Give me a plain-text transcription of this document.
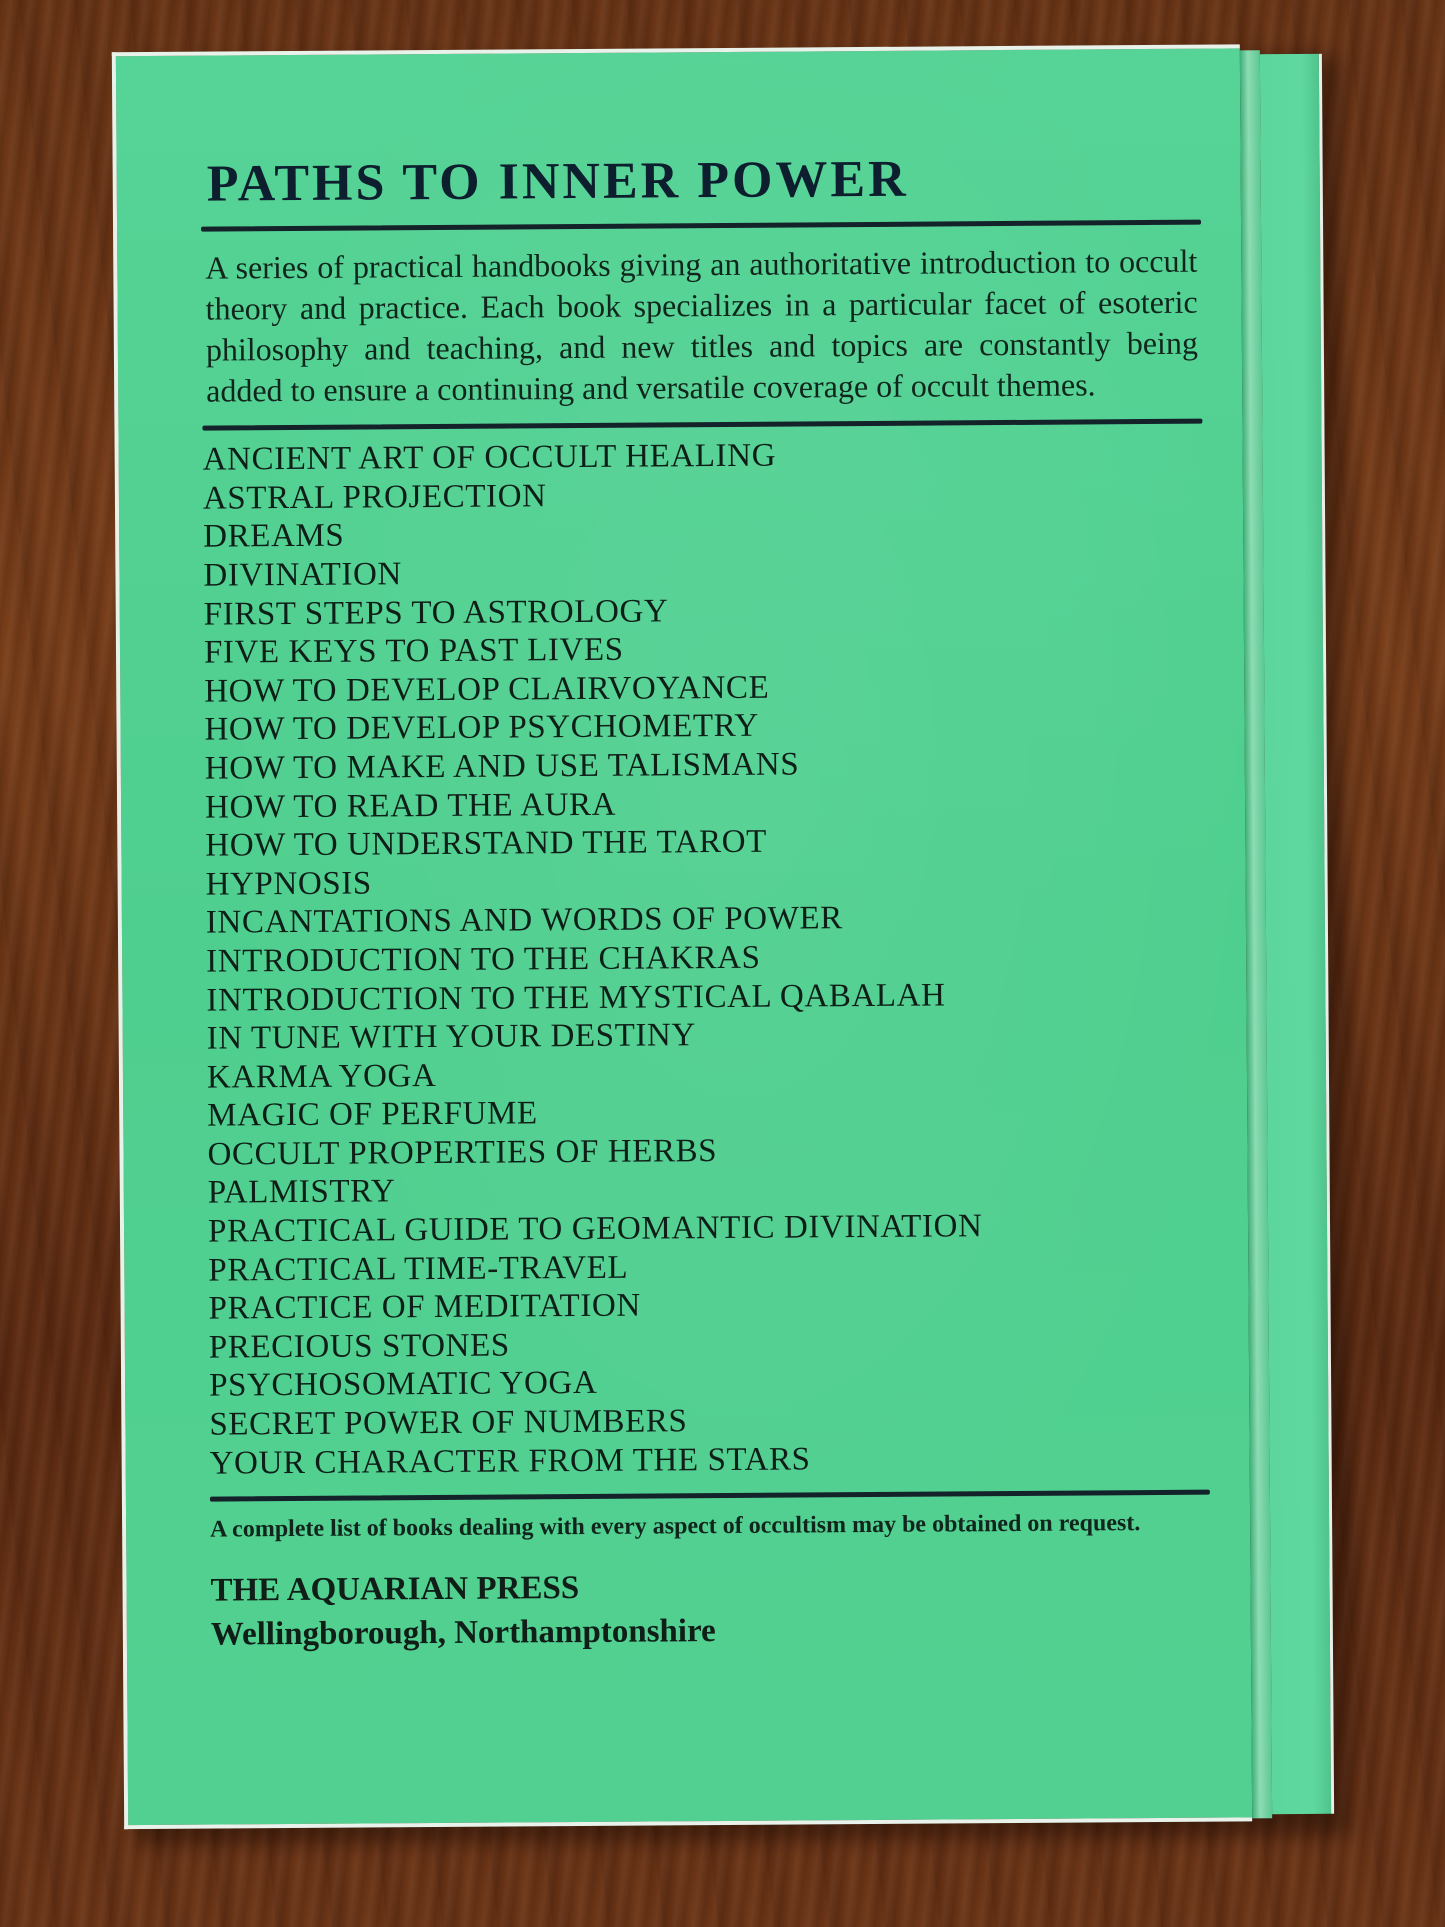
PATHS TO INNER POWER

A series of practical handbooks giving an authoritative introduction to occult theory and practice. Each book specializes in a particular facet of esoteric philosophy and teaching, and new titles and topics are constantly being added to ensure a continuing and versatile coverage of occult themes.

ANCIENT ART OF OCCULT HEALING
ASTRAL PROJECTION
DREAMS
DIVINATION
FIRST STEPS TO ASTROLOGY
FIVE KEYS TO PAST LIVES
HOW TO DEVELOP CLAIRVOYANCE
HOW TO DEVELOP PSYCHOMETRY
HOW TO MAKE AND USE TALISMANS
HOW TO READ THE AURA
HOW TO UNDERSTAND THE TAROT
HYPNOSIS
INCANTATIONS AND WORDS OF POWER
INTRODUCTION TO THE CHAKRAS
INTRODUCTION TO THE MYSTICAL QABALAH
IN TUNE WITH YOUR DESTINY
KARMA YOGA
MAGIC OF PERFUME
OCCULT PROPERTIES OF HERBS
PALMISTRY
PRACTICAL GUIDE TO GEOMANTIC DIVINATION
PRACTICAL TIME-TRAVEL
PRACTICE OF MEDITATION
PRECIOUS STONES
PSYCHOSOMATIC YOGA
SECRET POWER OF NUMBERS
YOUR CHARACTER FROM THE STARS

A complete list of books dealing with every aspect of occultism may be obtained on request.

THE AQUARIAN PRESS
Wellingborough, Northamptonshire
